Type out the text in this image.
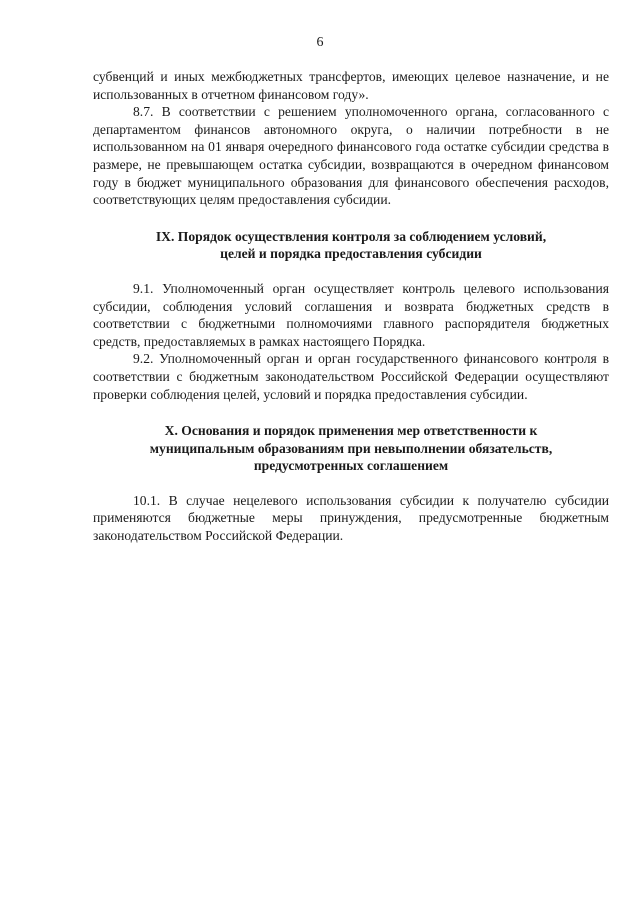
6

субвенций и иных межбюджетных трансфертов, имеющих целевое назначение, и не использованных в отчетном финансовом году».

8.7. В соответствии с решением уполномоченного органа, согласованного с департаментом финансов автономного округа, о наличии потребности в не использованном на 01 января очередного финансового года остатке субсидии средства в размере, не превышающем остатка субсидии, возвращаются в очередном финансовом году в бюджет муниципального образования для финансового обеспечения расходов, соответствующих целям предоставления субсидии.

IX. Порядок осуществления контроля за соблюдением условий,

целей и порядка предоставления субсидии

9.1. Уполномоченный орган осуществляет контроль целевого использования субсидии, соблюдения условий соглашения и возврата бюджетных средств в соответствии с бюджетными полномочиями главного распорядителя бюджетных средств, предоставляемых в рамках настоящего Порядка.

9.2. Уполномоченный орган и орган государственного финансового контроля в соответствии с бюджетным законодательством Российской Федерации осуществляют проверки соблюдения целей, условий и порядка предоставления субсидии.

X. Основания и порядок применения мер ответственности к

муниципальным образованиям при невыполнении обязательств,

предусмотренных соглашением

10.1. В случае нецелевого использования субсидии к получателю субсидии применяются бюджетные меры принуждения, предусмотренные бюджетным законодательством Российской Федерации.
